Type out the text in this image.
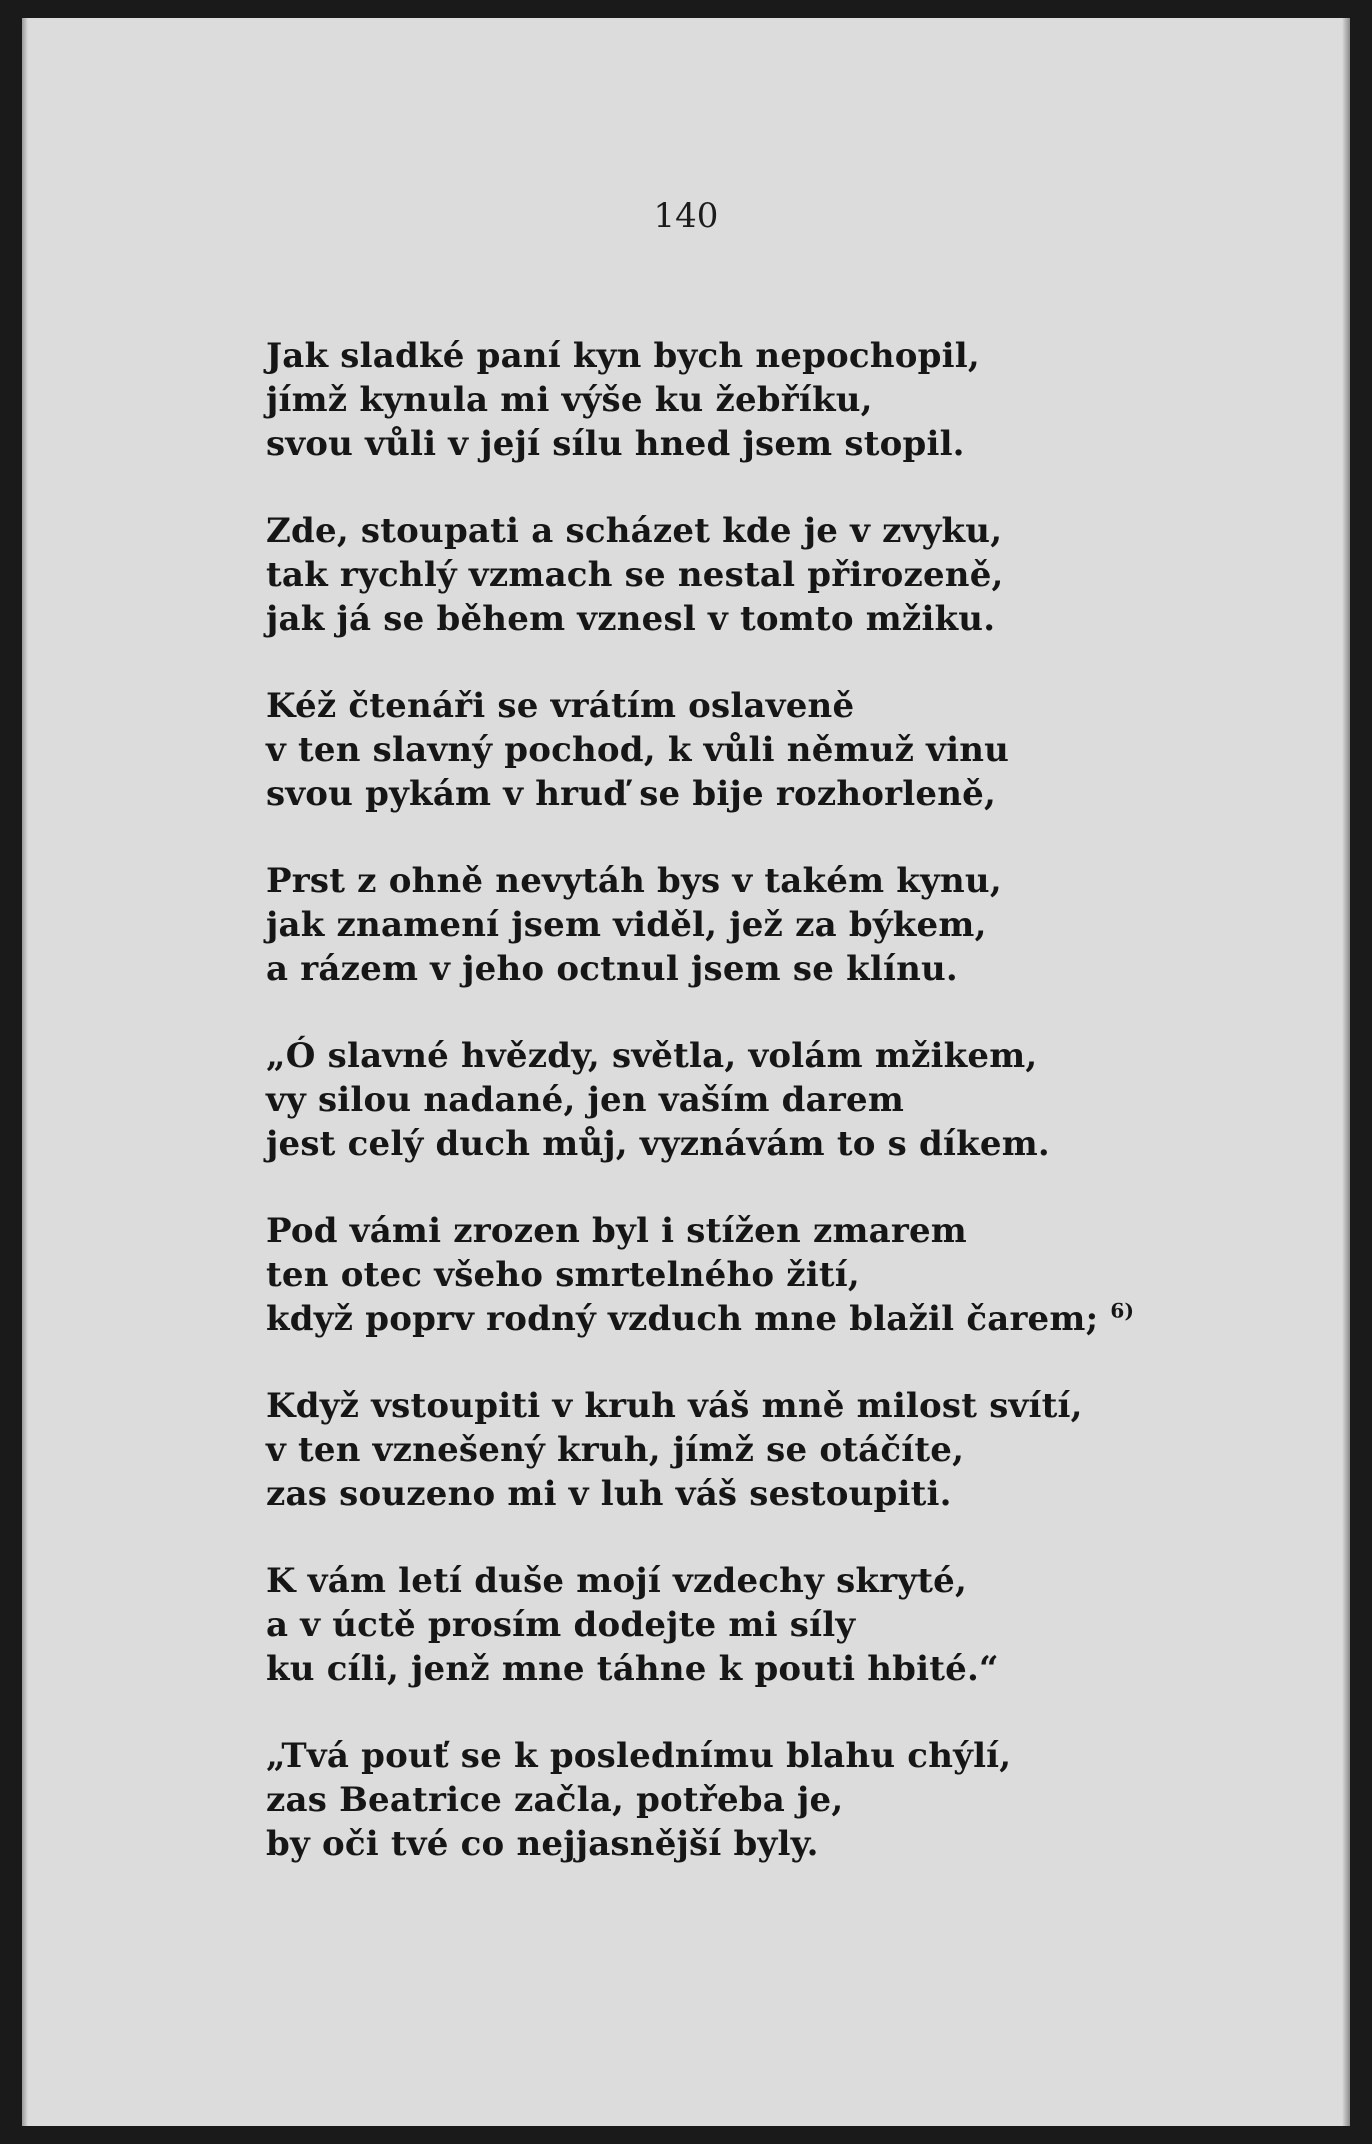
140
Jak sladké paní kyn bych nepochopil,
jímž kynula mi výše ku žebříku,
svou vůli v její sílu hned jsem stopil.
Zde, stoupati a scházet kde je v zvyku,
tak rychlý vzmach se nestal přirozeně,
jak já se během vznesl v tomto mžiku.
Kéž čtenáři se vrátím oslaveně
v ten slavný pochod, k vůli němuž vinu
svou pykám v hruď se bije rozhorleně,
Prst z ohně nevytáh bys v takém kynu,
jak znamení jsem viděl, jež za býkem,
a rázem v jeho octnul jsem se klínu.
„Ó slavné hvězdy, světla, volám mžikem,
vy silou nadané, jen vaším darem
jest celý duch můj, vyznávám to s díkem.
Pod vámi zrozen byl i stížen zmarem
ten otec všeho smrtelného žití,
když poprv rodný vzduch mne blažil čarem; $^{6)}$
Když vstoupiti v kruh váš mně milost svítí,
v ten vznešený kruh, jímž se otáčíte,
zas souzeno mi v luh váš sestoupiti.
K vám letí duše mojí vzdechy skryté,
a v úctě prosím dodejte mi síly
ku cíli, jenž mne táhne k pouti hbité.“
„Tvá pouť se k poslednímu blahu chýlí,
zas Beatrice začla, potřeba je,
by oči tvé co nejjasnější byly.
